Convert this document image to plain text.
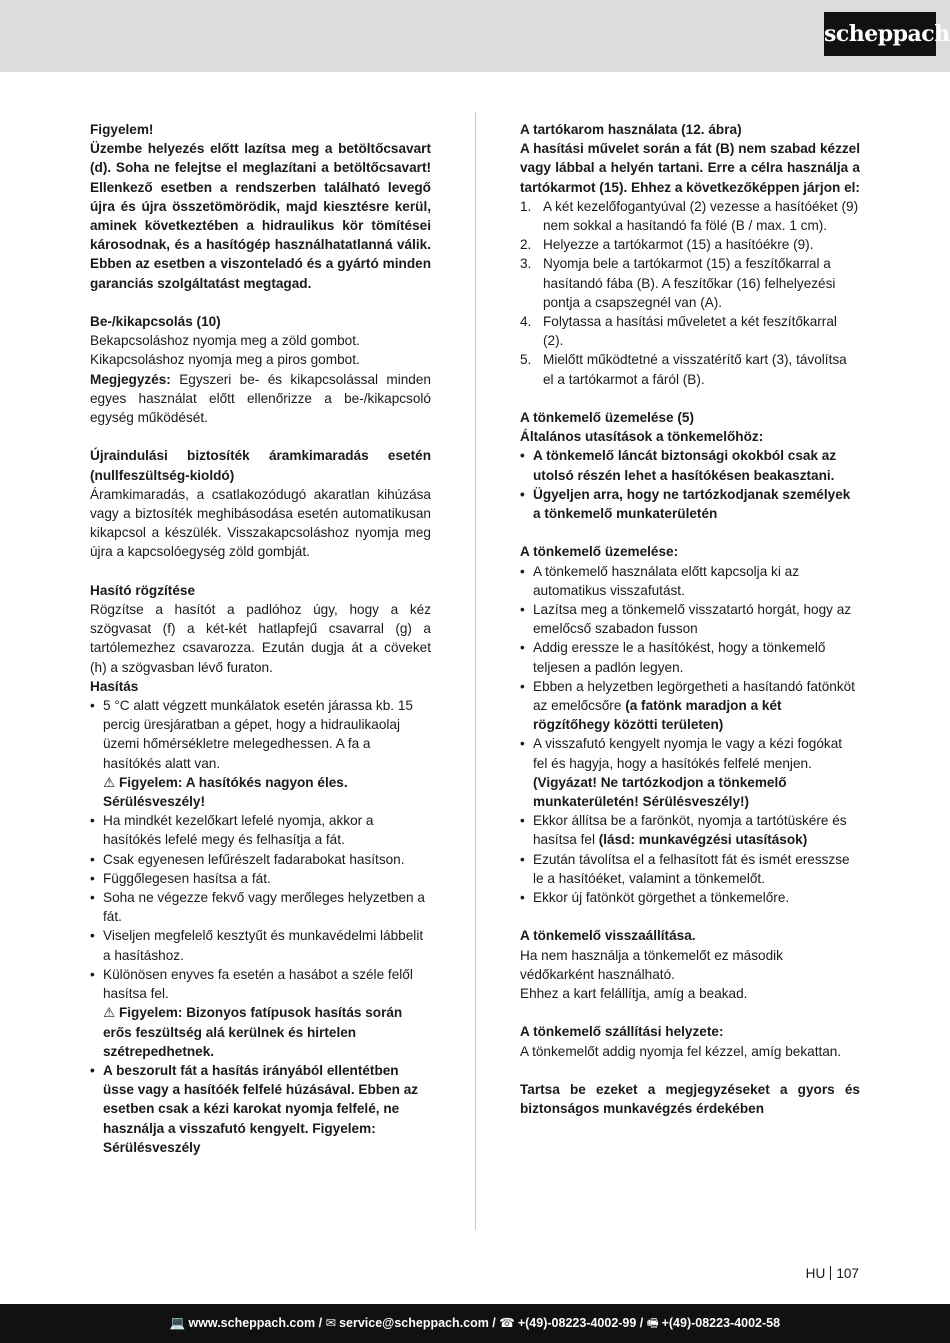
scheppach

Figyelem!

Üzembe helyezés előtt lazítsa meg a betöltőcsavart (d). Soha ne felejtse el meglazítani a betöltőcsavart! Ellenkező esetben a rendszerben található levegő újra és újra összetömörödik, majd kiesztésre kerül, aminek következtében a hidraulikus kör tömítései károsodnak, és a hasítógép használhatatlanná válik. Ebben az esetben a viszonteladó és a gyártó minden garanciás szolgáltatást megtagad.

Be-/kikapcsolás (10)

Bekapcsoláshoz nyomja meg a zöld gombot.

Kikapcsoláshoz nyomja meg a piros gombot.

Megjegyzés: Egyszeri be- és kikapcsolással minden egyes használat előtt ellenőrizze a be-/kikapcsoló egység működését.

Újraindulási biztosíték áramkimaradás esetén (nullfeszültség-kioldó)

Áramkimaradás, a csatlakozódugó akaratlan kihúzása vagy a biztosíték meghibásodása esetén automatikusan kikapcsol a készülék. Visszakapcsoláshoz nyomja meg újra a kapcsolóegység zöld gombját.

Hasító rögzítése

Rögzítse a hasítót a padlóhoz úgy, hogy a kéz szögvasat (f) a két-két hatlapfejű csavarral (g) a tartólemezhez csavarozza. Ezután dugja át a cöveket (h) a szögvasban lévő furaton.

Hasítás

• 5 °C alatt végzett munkálatok esetén járassa kb. 15 percig üresjáratban a gépet, hogy a hidraulikaolaj üzemi hőmérsékletre melegedhessen. A fa a hasítókés alatt van.

⚠ Figyelem: A hasítókés nagyon éles. Sérülésveszély!

• Ha mindkét kezelőkart lefelé nyomja, akkor a hasítókés lefelé megy és felhasítja a fát.
• Csak egyenesen lefűrészelt fadarabokat hasítson.
• Függőlegesen hasítsa a fát.
• Soha ne végezze fekvő vagy merőleges helyzetben a fát.
• Viseljen megfelelő kesztyűt és munkavédelmi lábbelit a hasításhoz.
• Különösen enyves fa esetén a hasábot a széle felől hasítsa fel.

⚠ Figyelem: Bizonyos fatípusok hasítás során erős feszültség alá kerülnek és hirtelen szétrepedhetnek.

• A beszorult fát a hasítás irányából ellentétben üsse vagy a hasítóék felfelé húzásával. Ebben az esetben csak a kézi karokat nyomja felfelé, ne használja a visszafutó kengyelt. Figyelem: Sérülésveszély

A tartókarom használata (12. ábra)

A hasítási művelet során a fát (B) nem szabad kézzel vagy lábbal a helyén tartani. Erre a célra használja a tartókarmot (15). Ehhez a következőképpen járjon el:

1. A két kezelőfogantyúval (2) vezesse a hasítóéket (9) nem sokkal a hasítandó fa fölé (B / max. 1 cm).
2. Helyezze a tartókarmot (15) a hasítóékre (9).
3. Nyomja bele a tartókarmot (15) a feszítőkarral a hasítandó fába (B). A feszítőkar (16) felhelyezési pontja a csapszegnél van (A).
4. Folytassa a hasítási műveletet a két feszítőkarral (2).
5. Mielőtt működtetné a visszatérítő kart (3), távolítsa el a tartókarmot a fáról (B).

A tönkemelő üzemelése (5)

Általános utasítások a tönkemelőhöz:

• A tönkemelő láncát biztonsági okokból csak az utolsó részén lehet a hasítókésen beakasztani.
• Ügyeljen arra, hogy ne tartózkodjanak személyek a tönkemelő munkaterületén

A tönkemelő üzemelése:

• A tönkemelő használata előtt kapcsolja ki az automatikus visszafutást.
• Lazítsa meg a tönkemelő visszatartó horgát, hogy az emelőcső szabadon fusson
• Addig eressze le a hasítókést, hogy a tönkemelő teljesen a padlón legyen.
• Ebben a helyzetben legörgetheti a hasítandó fatönköt az emelőcsőre (a fatönk maradjon a két rögzítőhegy közötti területen)
• A visszafutó kengyelt nyomja le vagy a kézi fogókat fel és hagyja, hogy a hasítókés felfelé menjen. (Vigyázat! Ne tartózkodjon a tönkemelő munkaterületén! Sérülésveszély!)
• Ekkor állítsa be a farönköt, nyomja a tartótüskére és hasítsa fel (lásd: munkavégzési utasítások)
• Ezután távolítsa el a felhasított fát és ismét eresszse le a hasítóéket, valamint a tönkemelőt.
• Ekkor új fatönköt görgethet a tönkemelőre.

A tönkemelő visszaállítása.

Ha nem használja a tönkemelőt ez második védőkarként használható.

Ehhez a kart felállítja, amíg a beakad.

A tönkemelő szállítási helyzete:

A tönkemelőt addig nyomja fel kézzel, amíg bekattan.

Tartsa be ezeket a megjegyzéseket a gyors és biztonságos munkavégzés érdekében

HU 107
💻 www.scheppach.com / ✉ service@scheppach.com / ☎ +(49)-08223-4002-99 / 🖷 +(49)-08223-4002-58
